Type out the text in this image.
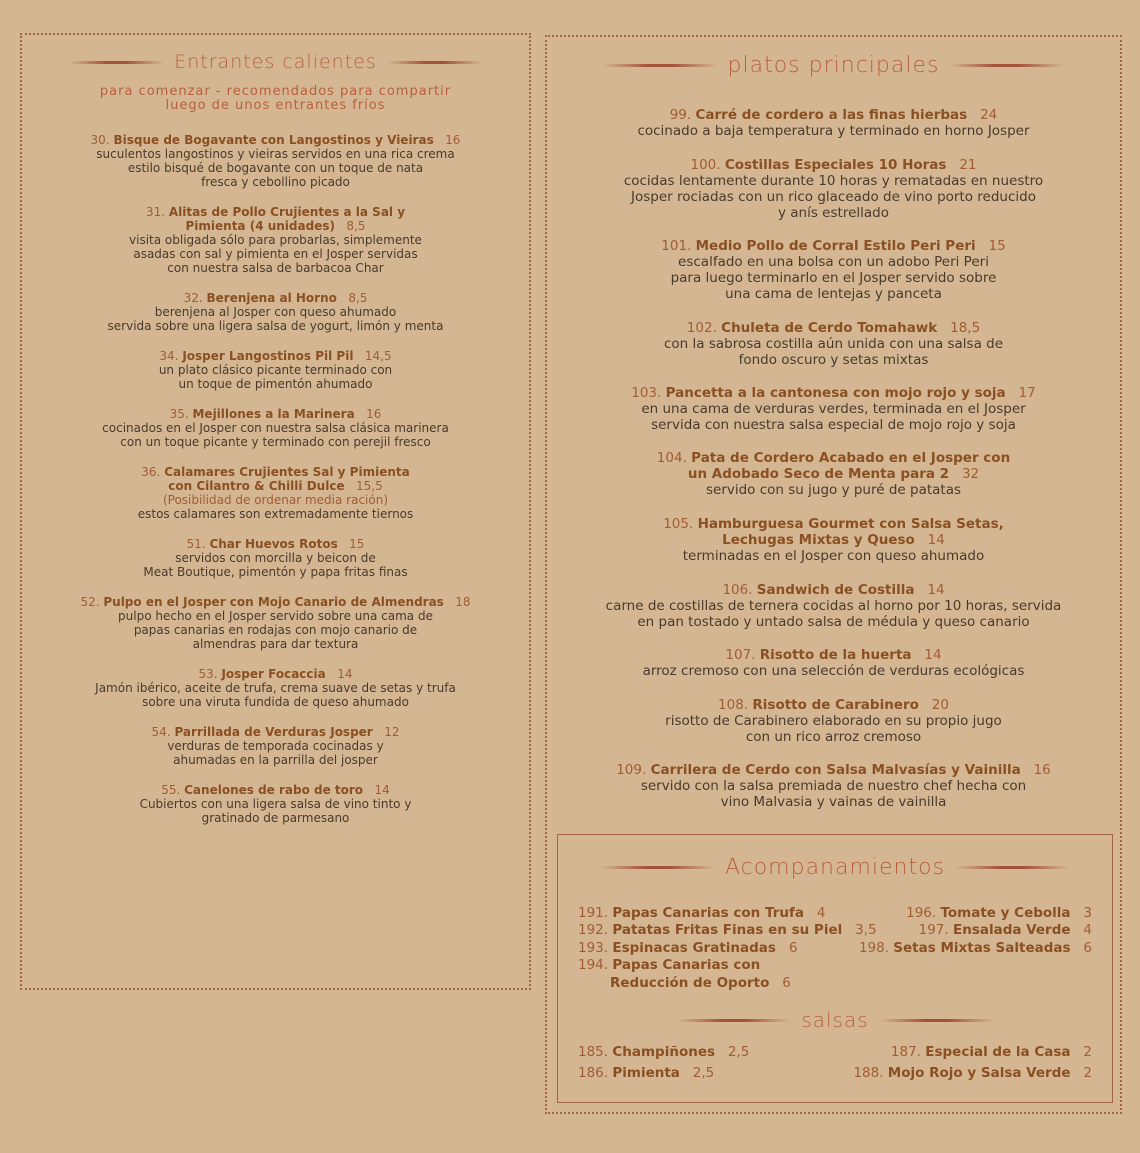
Entrantes calientes
para comenzar - recomendados para compartir
luego de unos entrantes fríos
30. Bisque de Bogavante con Langostinos y Vieiras 16
suculentos langostinos y vieiras servidos en una rica crema
estilo bisqué de bogavante con un toque de nata
fresca y cebollino picado
31. Alitas de Pollo Crujientes a la Sal y
Pimienta (4 unidades) 8,5
visita obligada sólo para probarlas, simplemente
asadas con sal y pimienta en el Josper servidas
con nuestra salsa de barbacoa Char
32. Berenjena al Horno 8,5
berenjena al Josper con queso ahumado
servida sobre una ligera salsa de yogurt, limón y menta
34. Josper Langostinos Pil Pil 14,5
un plato clásico picante terminado con
un toque de pimentón ahumado
35. Mejillones a la Marinera 16
cocinados en el Josper con nuestra salsa clásica marinera
con un toque picante y terminado con perejil fresco
36. Calamares Crujientes Sal y Pimienta
con Cilantro & Chilli Dulce 15,5
(Posibilidad de ordenar media ración)
estos calamares son extremadamente tiernos
51. Char Huevos Rotos 15
servidos con morcilla y beicon de
Meat Boutique, pimentón y papa fritas finas
52. Pulpo en el Josper con Mojo Canario de Almendras 18
pulpo hecho en el Josper servido sobre una cama de
papas canarias en rodajas con mojo canario de
almendras para dar textura
53. Josper Focaccia 14
Jamón ibérico, aceite de trufa, crema suave de setas y trufa
sobre una viruta fundida de queso ahumado
54. Parrillada de Verduras Josper 12
verduras de temporada cocinadas y
ahumadas en la parrilla del josper
55. Canelones de rabo de toro 14
Cubiertos con una ligera salsa de vino tinto y
gratinado de parmesano
platos principales
99. Carré de cordero a las finas hierbas 24
cocinado a baja temperatura y terminado en horno Josper
100. Costillas Especiales 10 Horas 21
cocidas lentamente durante 10 horas y rematadas en nuestro
Josper rociadas con un rico glaceado de vino porto reducido
y anís estrellado
101. Medio Pollo de Corral Estilo Peri Peri 15
escalfado en una bolsa con un adobo Peri Peri
para luego terminarlo en el Josper servido sobre
una cama de lentejas y panceta
102. Chuleta de Cerdo Tomahawk 18,5
con la sabrosa costilla aún unida con una salsa de
fondo oscuro y setas mixtas
103. Pancetta a la cantonesa con mojo rojo y soja 17
en una cama de verduras verdes, terminada en el Josper
servida con nuestra salsa especial de mojo rojo y soja
104. Pata de Cordero Acabado en el Josper con
un Adobado Seco de Menta para 2 32
servido con su jugo y puré de patatas
105. Hamburguesa Gourmet con Salsa Setas,
Lechugas Mixtas y Queso 14
terminadas en el Josper con queso ahumado
106. Sandwich de Costilla 14
carne de costillas de ternera cocidas al horno por 10 horas, servida
en pan tostado y untado salsa de médula y queso canario
107. Risotto de la huerta 14
arroz cremoso con una selección de verduras ecológicas
108. Risotto de Carabinero 20
risotto de Carabinero elaborado en su propio jugo
con un rico arroz cremoso
109. Carrilera de Cerdo con Salsa Malvasías y Vainilla 16
servido con la salsa premiada de nuestro chef hecha con
vino Malvasia y vainas de vainilla
Acompanamientos
191. Papas Canarias con Trufa 4
192. Patatas Fritas Finas en su Piel 3,5
193. Espinacas Gratinadas 6
194. Papas Canarias con
Reducción de Oporto 6
196. Tomate y Cebolla 3
197. Ensalada Verde 4
198. Setas Mixtas Salteadas 6
salsas
185. Champiñones 2,5
186. Pimienta 2,5
187. Especial de la Casa 2
188. Mojo Rojo y Salsa Verde 2
